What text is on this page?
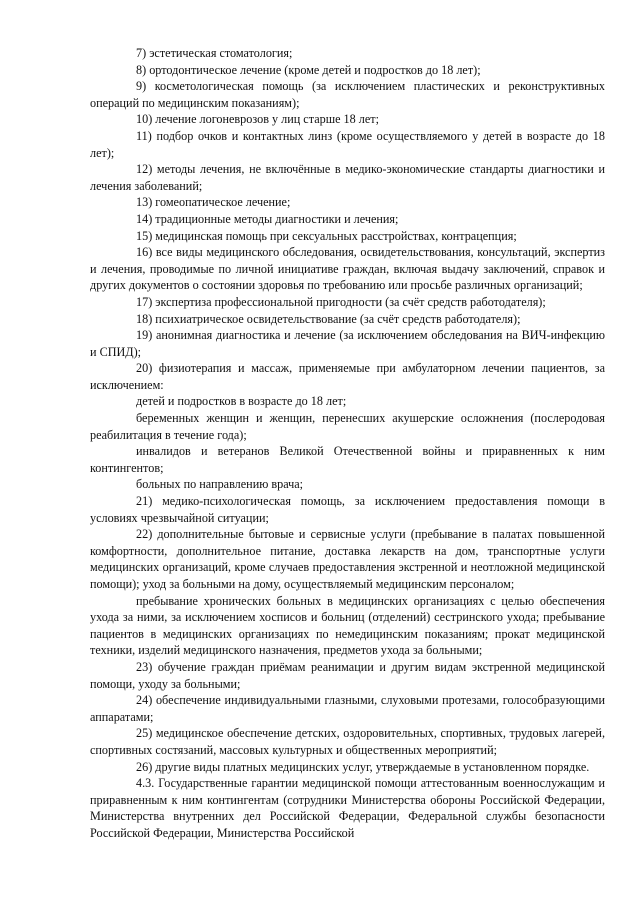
7) эстетическая стоматология;

8) ортодонтическое лечение (кроме детей и подростков до 18 лет);

9) косметологическая помощь (за исключением пластических и реконструктивных операций по медицинским показаниям);

10) лечение логоневрозов у лиц старше 18 лет;

11) подбор очков и контактных линз (кроме осуществляемого у детей в возрасте до 18 лет);

12) методы лечения, не включённые в медико-экономические стандарты диагностики и лечения заболеваний;

13) гомеопатическое лечение;

14) традиционные методы диагностики и лечения;

15) медицинская помощь при сексуальных расстройствах, контрацепция;

16) все виды медицинского обследования, освидетельствования, консультаций, экспертиз и лечения, проводимые по личной инициативе граждан, включая выдачу заключений, справок и других документов о состоянии здоровья по требованию или просьбе различных организаций;

17) экспертиза профессиональной пригодности (за счёт средств работодателя);

18) психиатрическое освидетельствование (за счёт средств работодателя);

19) анонимная диагностика и лечение (за исключением обследования на ВИЧ-инфекцию и СПИД);

20) физиотерапия и массаж, применяемые при амбулаторном лечении пациентов, за исключением:

детей и подростков в возрасте до 18 лет;

беременных женщин и женщин, перенесших акушерские осложнения (послеродовая реабилитация в течение года);

инвалидов и ветеранов Великой Отечественной войны и приравненных к ним контингентов;

больных по направлению врача;

21) медико-психологическая помощь, за исключением предоставления помощи в условиях чрезвычайной ситуации;

22) дополнительные бытовые и сервисные услуги (пребывание в палатах повышенной комфортности, дополнительное питание, доставка лекарств на дом, транспортные услуги медицинских организаций, кроме случаев предоставления экстренной и неотложной медицинской помощи); уход за больными на дому, осуществляемый медицинским персоналом;

пребывание хронических больных в медицинских организациях с целью обеспечения ухода за ними, за исключением хосписов и больниц (отделений) сестринского ухода; пребывание пациентов в медицинских организациях по немедицинским показаниям; прокат медицинской техники, изделий медицинского назначения, предметов ухода за больными;

23) обучение граждан приёмам реанимации и другим видам экстренной медицинской помощи, уходу за больными;

24) обеспечение индивидуальными глазными, слуховыми протезами, голособразующими аппаратами;

25) медицинское обеспечение детских, оздоровительных, спортивных, трудовых лагерей, спортивных состязаний, массовых культурных и общественных мероприятий;

26) другие виды платных медицинских услуг, утверждаемые в установленном порядке.

4.3. Государственные гарантии медицинской помощи аттестованным военнослужащим и приравненным к ним контингентам (сотрудники Министерства обороны Российской Федерации, Министерства внутренних дел Российской Федерации, Федеральной службы безопасности Российской Федерации, Министерства Российской
